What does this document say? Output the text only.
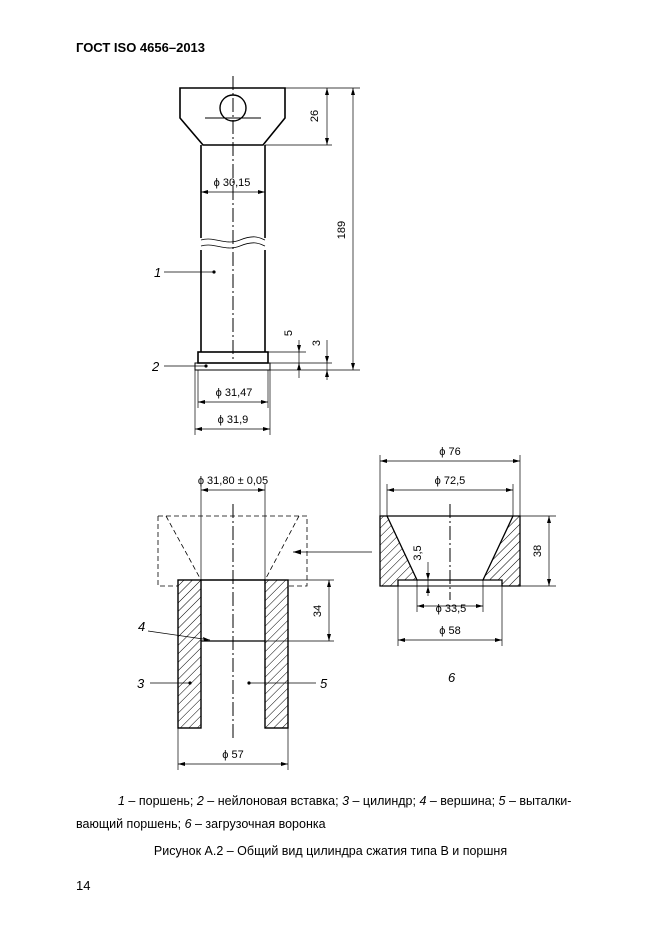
ГОСТ ISO 4656–2013
26
189
ϕ 30,15
5
3
ϕ 31,47
ϕ 31,9
1
2
ϕ 31,80 ± 0,05
34
ϕ 57
4
3	5
ϕ 76
ϕ 72,5
38
3,5
ϕ 33,5
ϕ 58
6
1 – поршень; 2 – нейлоновая вставка; 3 – цилиндр; 4 – вершина; 5 – выталки-
вающий поршень; 6 – загрузочная воронка
Рисунок А.2 – Общий вид цилиндра сжатия типа В и поршня
14
